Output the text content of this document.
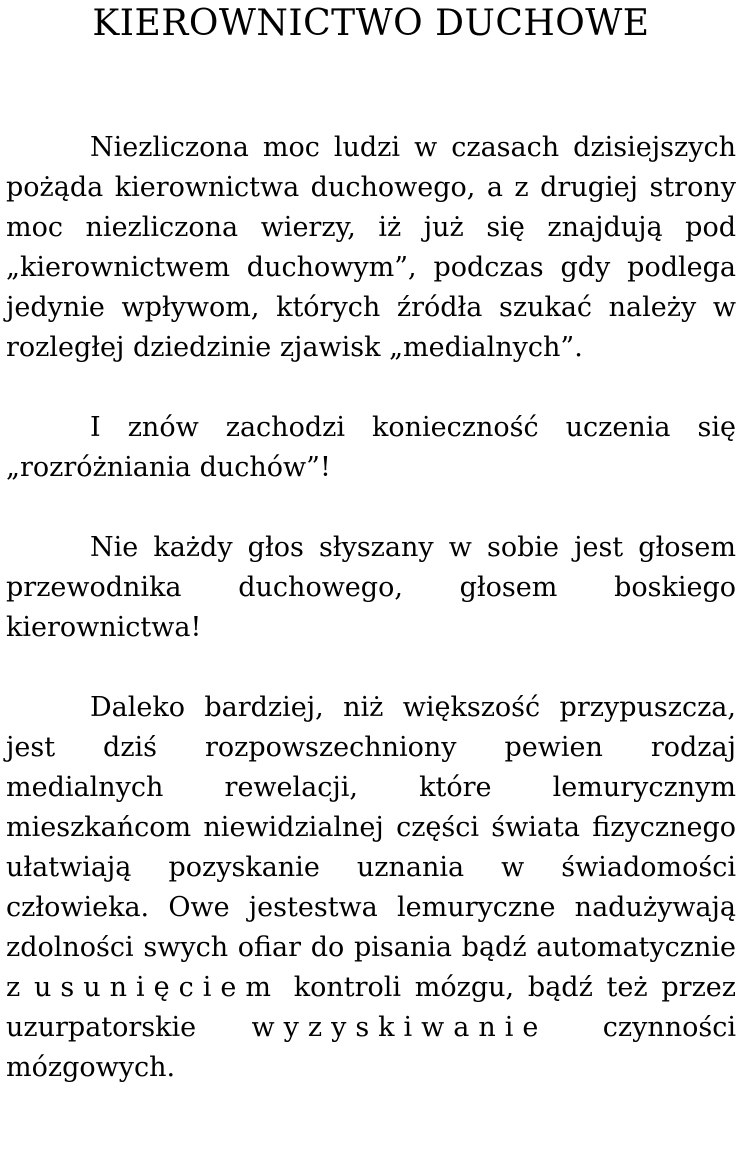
KIEROWNICTWO DUCHOWE

Niezliczona moc ludzi w czasach dzisiejszych pożąda kierownictwa duchowego, a z drugiej strony moc niezliczona wierzy, iż już się znajdują pod „kierownictwem duchowym”, podczas gdy podlega jedynie wpływom, których źródła szukać należy w rozległej dziedzinie zjawisk „medialnych”.

I znów zachodzi konieczność uczenia się „rozróżniania duchów”!

Nie każdy głos słyszany w sobie jest głosem przewodnika duchowego, głosem boskiego kierownictwa!

Daleko bardziej, niż większość przypuszcza, jest dziś rozpowszechniony pewien rodzaj medialnych rewelacji, które lemurycznym mieszkańcom niewidzialnej części świata fizycznego ułatwiają pozyskanie uznania w świadomości człowieka. Owe jestestwa lemuryczne nadużywają zdolności swych ofiar do pisania bądź automatycznie z usunięciem kontroli mózgu, bądź też przez uzurpatorskie wyzyskiwanie czynności mózgowych.
